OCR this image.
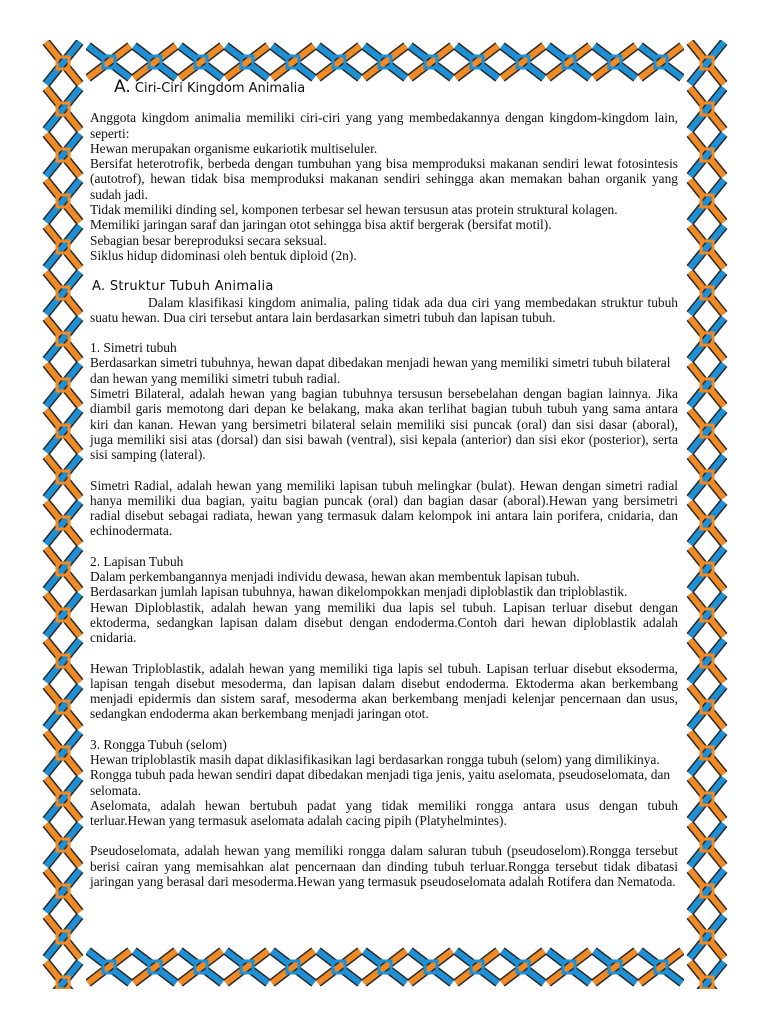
A. Ciri-Ciri Kingdom Animalia

Anggota kingdom animalia memiliki ciri-ciri yang yang membedakannya dengan kingdom-kingdom lain, seperti:

Hewan merupakan organisme eukariotik multiseluler.

Bersifat heterotrofik, berbeda dengan tumbuhan yang bisa memproduksi makanan sendiri lewat fotosintesis (autotrof), hewan tidak bisa memproduksi makanan sendiri sehingga akan memakan bahan organik yang sudah jadi.

Tidak memiliki dinding sel, komponen terbesar sel hewan tersusun atas protein struktural kolagen.

Memiliki jaringan saraf dan jaringan otot sehingga bisa aktif bergerak (bersifat motil).

Sebagian besar bereproduksi secara seksual.

Siklus hidup didominasi oleh bentuk diploid (2n).

A. Struktur Tubuh Animalia

Dalam klasifikasi kingdom animalia, paling tidak ada dua ciri yang membedakan struktur tubuh suatu hewan. Dua ciri tersebut antara lain berdasarkan simetri tubuh dan lapisan tubuh.

1. Simetri tubuh

Berdasarkan simetri tubuhnya, hewan dapat dibedakan menjadi hewan yang memiliki simetri tubuh bilateral dan hewan yang memiliki simetri tubuh radial.

Simetri Bilateral, adalah hewan yang bagian tubuhnya tersusun bersebelahan dengan bagian lainnya. Jika diambil garis memotong dari depan ke belakang, maka akan terlihat bagian tubuh tubuh yang sama antara kiri dan kanan. Hewan yang bersimetri bilateral selain memiliki sisi puncak (oral) dan sisi dasar (aboral), juga memiliki sisi atas (dorsal) dan sisi bawah (ventral), sisi kepala (anterior) dan sisi ekor (posterior), serta sisi samping (lateral).

Simetri Radial, adalah hewan yang memiliki lapisan tubuh melingkar (bulat). Hewan dengan simetri radial hanya memiliki dua bagian, yaitu bagian puncak (oral) dan bagian dasar (aboral).Hewan yang bersimetri radial disebut sebagai radiata, hewan yang termasuk dalam kelompok ini antara lain porifera, cnidaria, dan echinodermata.

2. Lapisan Tubuh

Dalam perkembangannya menjadi individu dewasa, hewan akan membentuk lapisan tubuh.

Berdasarkan jumlah lapisan tubuhnya, hawan dikelompokkan menjadi diploblastik dan triploblastik.

Hewan Diploblastik, adalah hewan yang memiliki dua lapis sel tubuh. Lapisan terluar disebut dengan ektoderma, sedangkan lapisan dalam disebut dengan endoderma.Contoh dari hewan diploblastik adalah cnidaria.

Hewan Triploblastik, adalah hewan yang memiliki tiga lapis sel tubuh. Lapisan terluar disebut eksoderma, lapisan tengah disebut mesoderma, dan lapisan dalam disebut endoderma. Ektoderma akan berkembang menjadi epidermis dan sistem saraf, mesoderma akan berkembang menjadi kelenjar pencernaan dan usus, sedangkan endoderma akan berkembang menjadi jaringan otot.

3. Rongga Tubuh (selom)

Hewan triploblastik masih dapat diklasifikasikan lagi berdasarkan rongga tubuh (selom) yang dimilikinya. Rongga tubuh pada hewan sendiri dapat dibedakan menjadi tiga jenis, yaitu aselomata, pseudoselomata, dan selomata.

Aselomata, adalah hewan bertubuh padat yang tidak memiliki rongga antara usus dengan tubuh terluar.Hewan yang termasuk aselomata adalah cacing pipih (Platyhelmintes).

Pseudoselomata, adalah hewan yang memiliki rongga dalam saluran tubuh (pseudoselom).Rongga tersebut berisi cairan yang memisahkan alat pencernaan dan dinding tubuh terluar.Rongga tersebut tidak dibatasi jaringan yang berasal dari mesoderma.Hewan yang termasuk pseudoselomata adalah Rotifera dan Nematoda.
